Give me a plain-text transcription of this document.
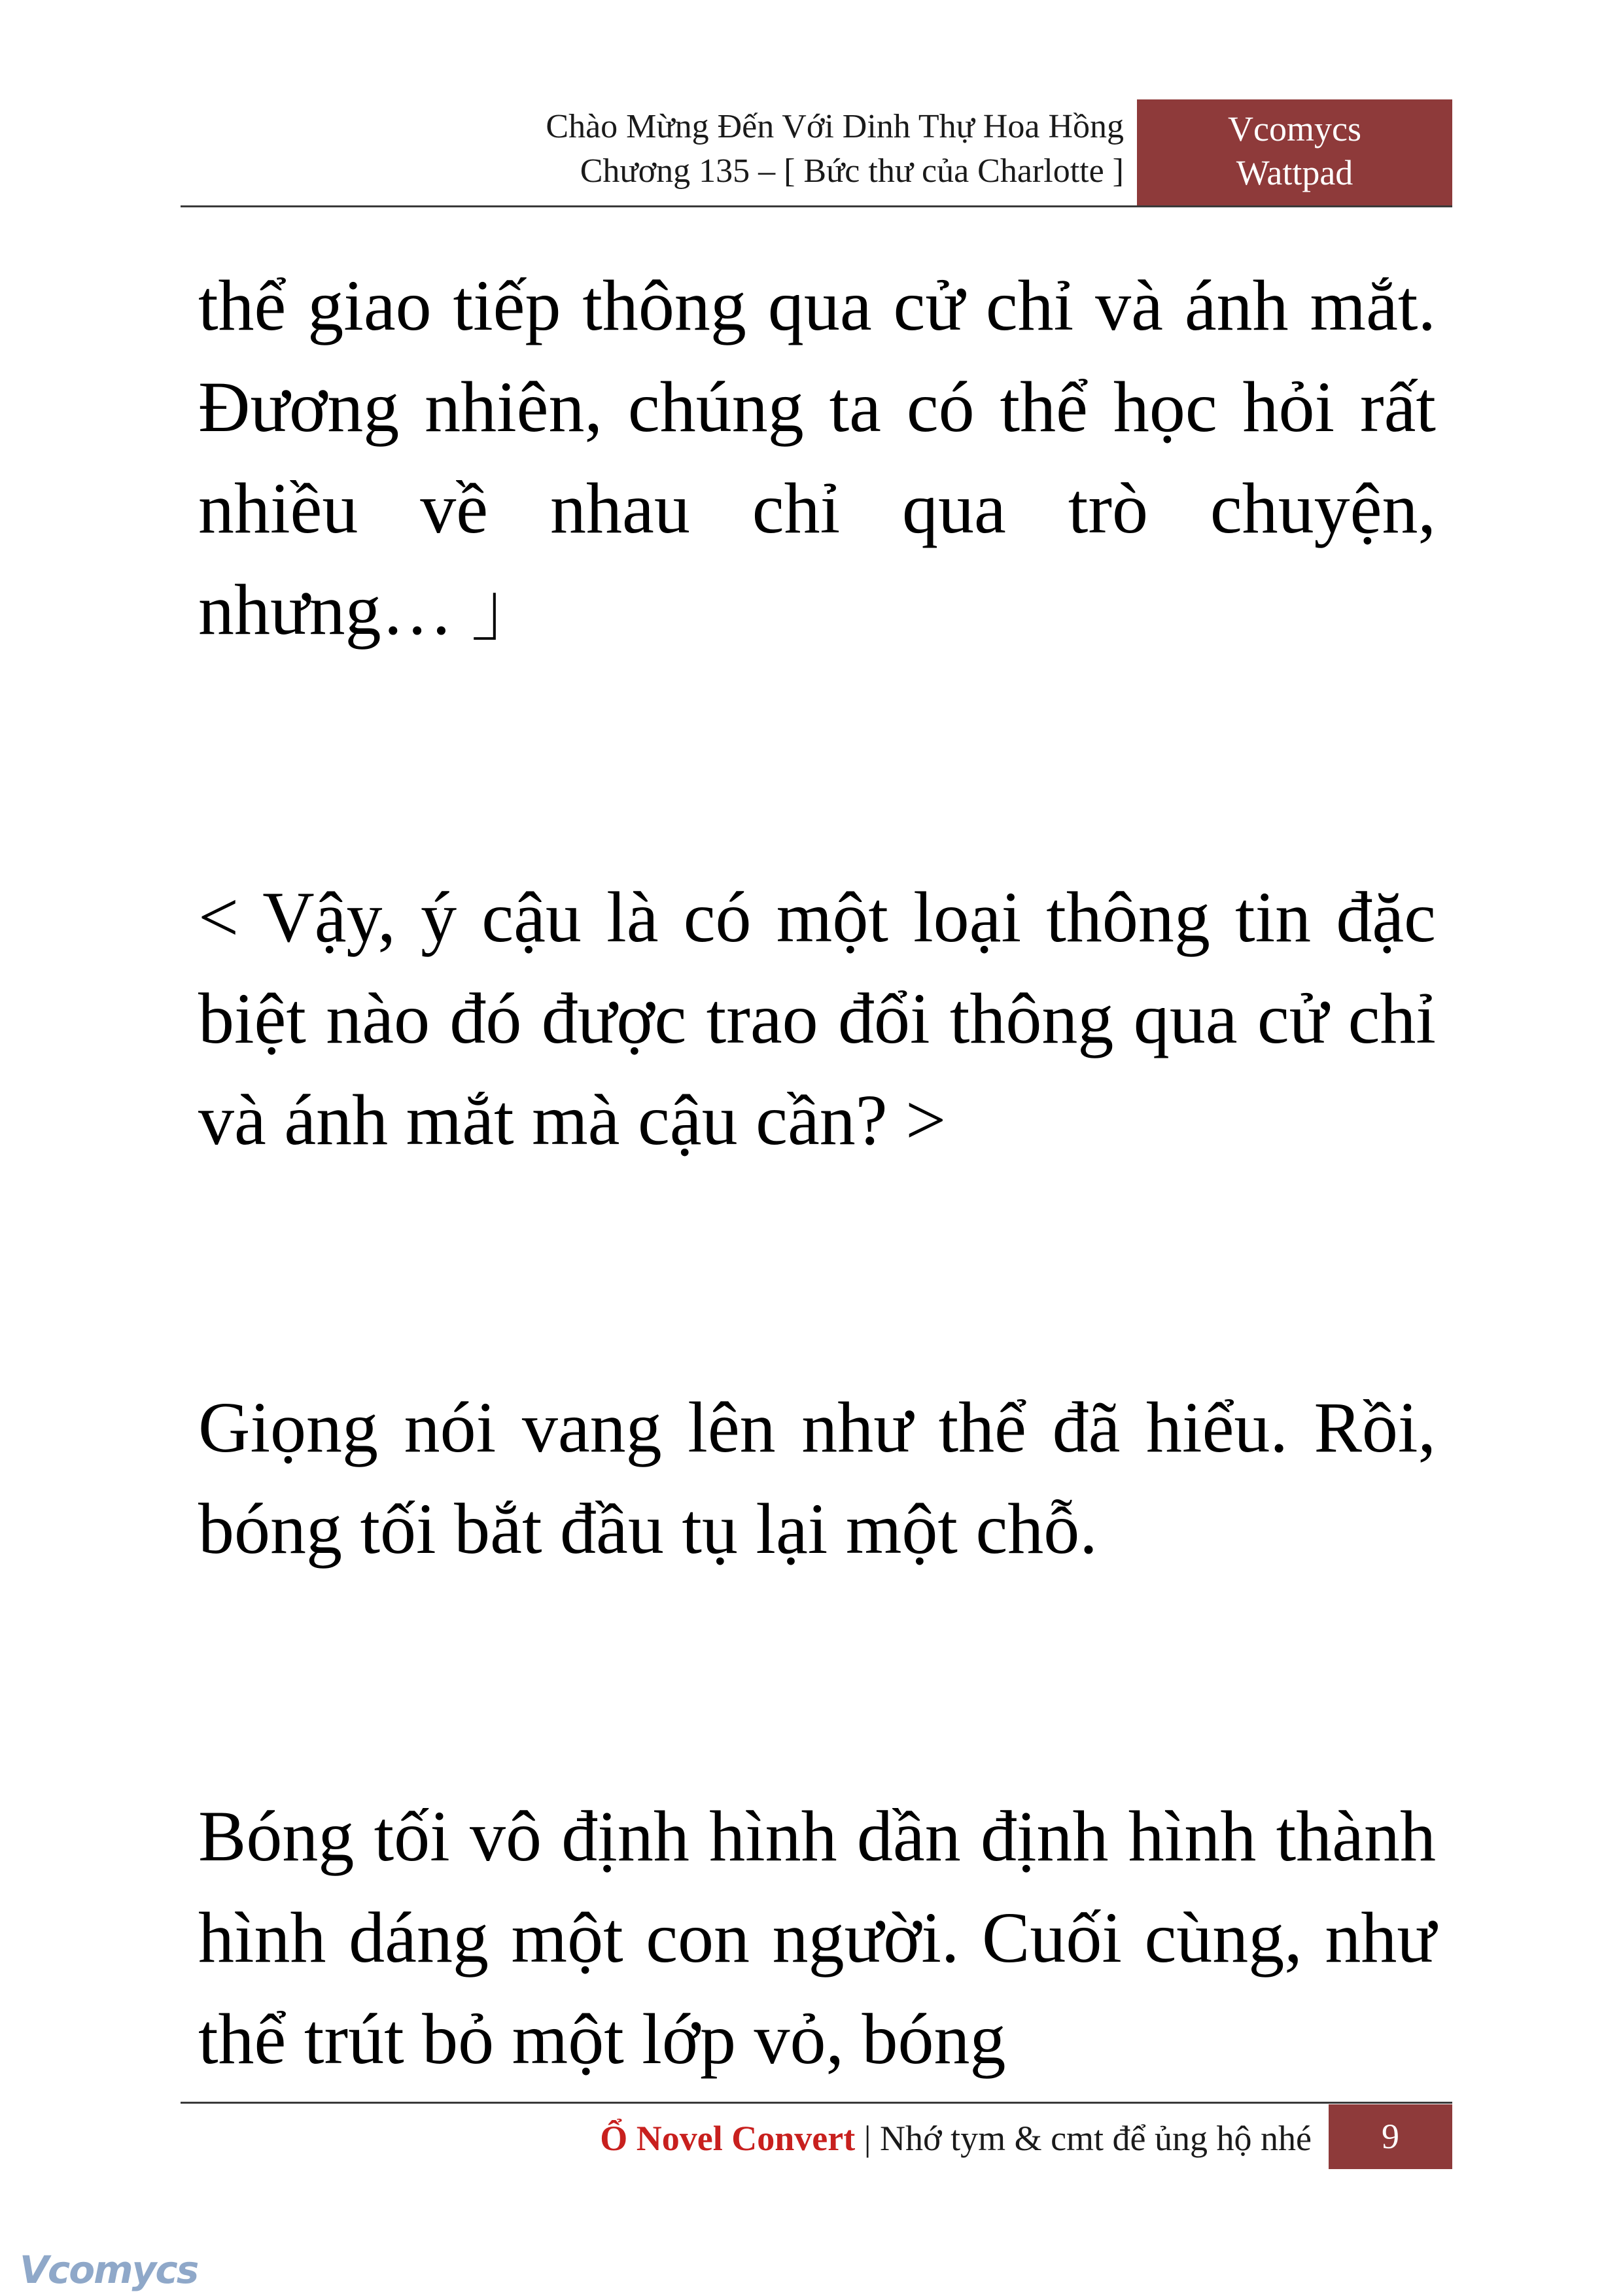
Chào Mừng Đến Với Dinh Thự Hoa Hồng
Chương 135 – [ Bức thư của Charlotte ]
Vcomycs
Wattpad

thể giao tiếp thông qua cử chỉ và ánh mắt. Đương nhiên, chúng ta có thể học hỏi rất nhiều về nhau chỉ qua trò chuyện, nhưng… 」

< Vậy, ý cậu là có một loại thông tin đặc biệt nào đó được trao đổi thông qua cử chỉ và ánh mắt mà cậu cần? >

Giọng nói vang lên như thể đã hiểu. Rồi, bóng tối bắt đầu tụ lại một chỗ.

Bóng tối vô định hình dần định hình thành hình dáng một con người. Cuối cùng, như thể trút bỏ một lớp vỏ, bóng

Ổ Novel Convert | Nhớ tym & cmt để ủng hộ nhé	9
Vcomycs
